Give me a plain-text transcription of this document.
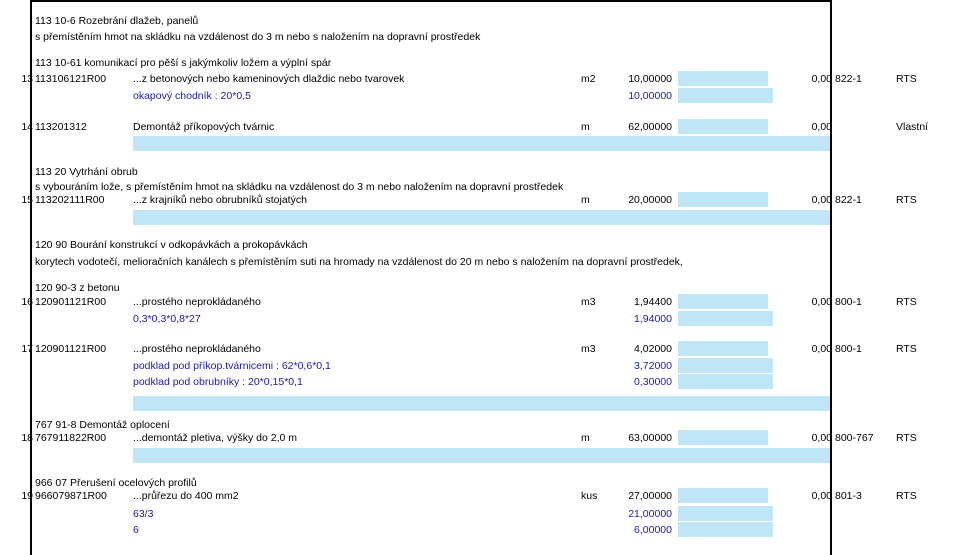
113 10-6 Rozebrání dlažeb, panelů
s přemístěním hmot na skládku na vzdálenost do 3 m nebo s naložením na dopravní prostředek
113 10-61 komunikací pro pěší s jakýmkoliv ložem a výplní spár
13 113106121R00	...z betonových nebo kameninových dlaždic nebo tvarovek	m2	10,00000	0,00 822-1	RTS
okapový chodník : 20*0,5	10,00000
14 113201312	Demontáž příkopových tvárnic	m	62,00000	0,00	Vlastní
113 20 Vytrhání obrub
s vybouráním lože, s přemístěním hmot na skládku na vzdálenost do 3 m nebo naložením na dopravní prostředek
15 113202111R00	...z krajníků nebo obrubníků stojatých	m	20,00000	0,00 822-1	RTS
120 90 Bourání konstrukcí v odkopávkách a prokopávkách
korytech vodotečí, melioračních kanálech s přemístěním suti na hromady na vzdálenost do 20 m nebo s naložením na dopravní prostředek,
120 90-3 z betonu
16 120901121R00	...prostého neprokládaného	m3	1,94400	0,00 800-1	RTS
0,3*0,3*0,8*27	1,94000
17 120901121R00	...prostého neprokládaného	m3	4,02000	0,00 800-1	RTS
podklad pod příkop.tvárnicemi : 62*0,6*0,1	3,72000
podklad pod obrubníky : 20*0,15*0,1	0,30000
767 91-8 Demontáž oplocení
18 767911822R00	...demontáž pletiva, výšky do 2,0 m	m	63,00000	0,00 800-767 RTS
966 07 Přerušení ocelových profilů
19 966079871R00 ...průřezu do 400 mm2	kus	27,00000	0,00 801-3	RTS
63/3	21,00000
6	6,00000
